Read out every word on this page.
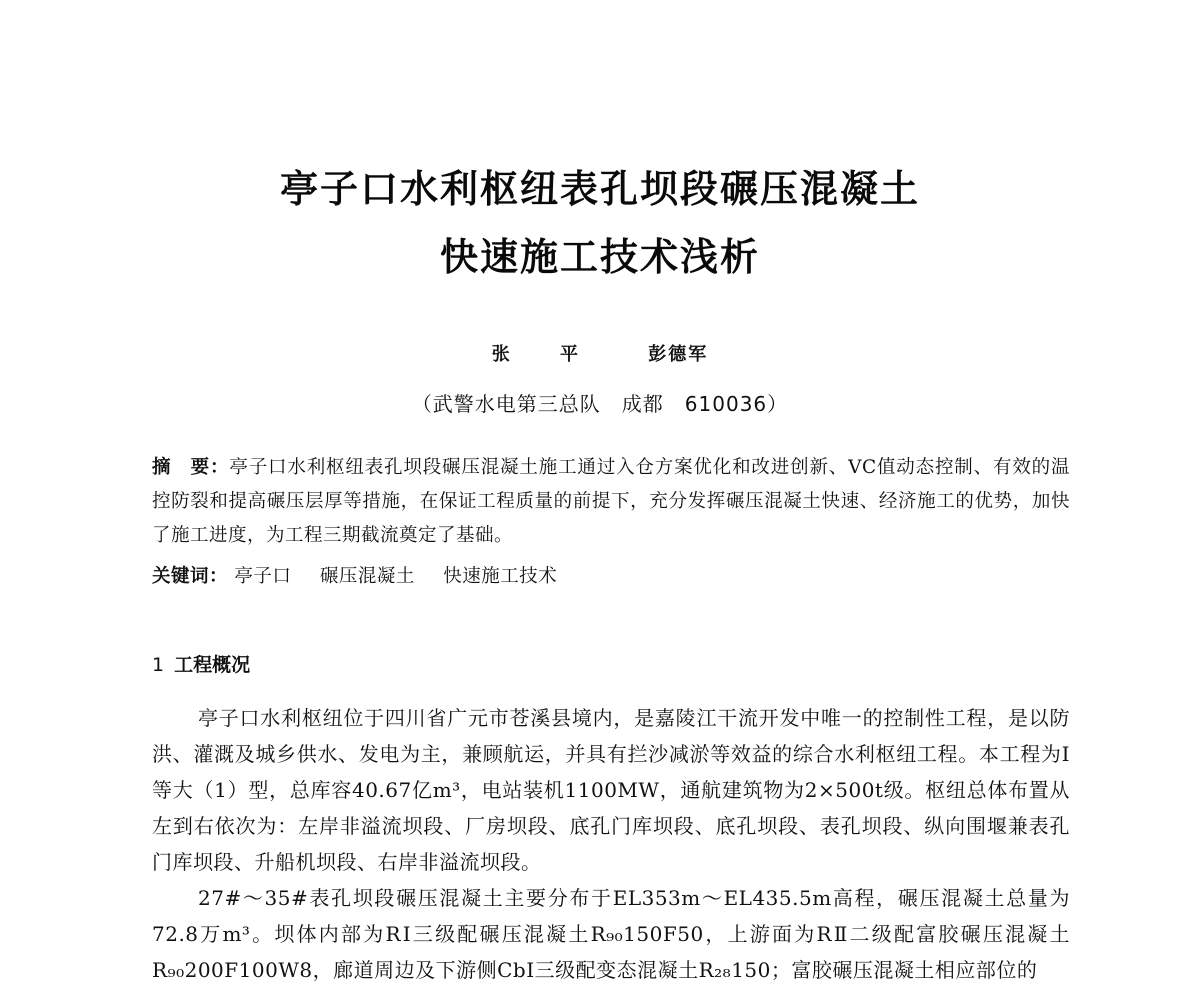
亭子口水利枢纽表孔坝段碾压混凝土
快速施工技术浅析
张 平	彭德军
（武警水电第三总队　成都　610036）
摘　要：亭子口水利枢纽表孔坝段碾压混凝土施工通过入仓方案优化和改进创新、VC值动态控制、有效的温控防裂和提高碾压层厚等措施，在保证工程质量的前提下，充分发挥碾压混凝土快速、经济施工的优势，加快了施工进度，为工程三期截流奠定了基础。
关键词： 亭子口 碾压混凝土 快速施工技术
1 工程概况
亭子口水利枢纽位于四川省广元市苍溪县境内，是嘉陵江干流开发中唯一的控制性工程，是以防洪、灌溉及城乡供水、发电为主，兼顾航运，并具有拦沙减淤等效益的综合水利枢纽工程。本工程为Ⅰ等大（1）型，总库容40.67亿m³，电站装机1100MW，通航建筑物为2×500t级。枢纽总体布置从左到右依次为：左岸非溢流坝段、厂房坝段、底孔门库坝段、底孔坝段、表孔坝段、纵向围堰兼表孔门库坝段、升船机坝段、右岸非溢流坝段。
27#～35#表孔坝段碾压混凝土主要分布于EL353m～EL435.5m高程，碾压混凝土总量为72.8万m³。坝体内部为RⅠ三级配碾压混凝土R₉₀150F50，上游面为RⅡ二级配富胶碾压混凝土R₉₀200F100W8，廊道周边及下游侧CbⅠ三级配变态混凝土R₂₈150；富胶碾压混凝土相应部位的
